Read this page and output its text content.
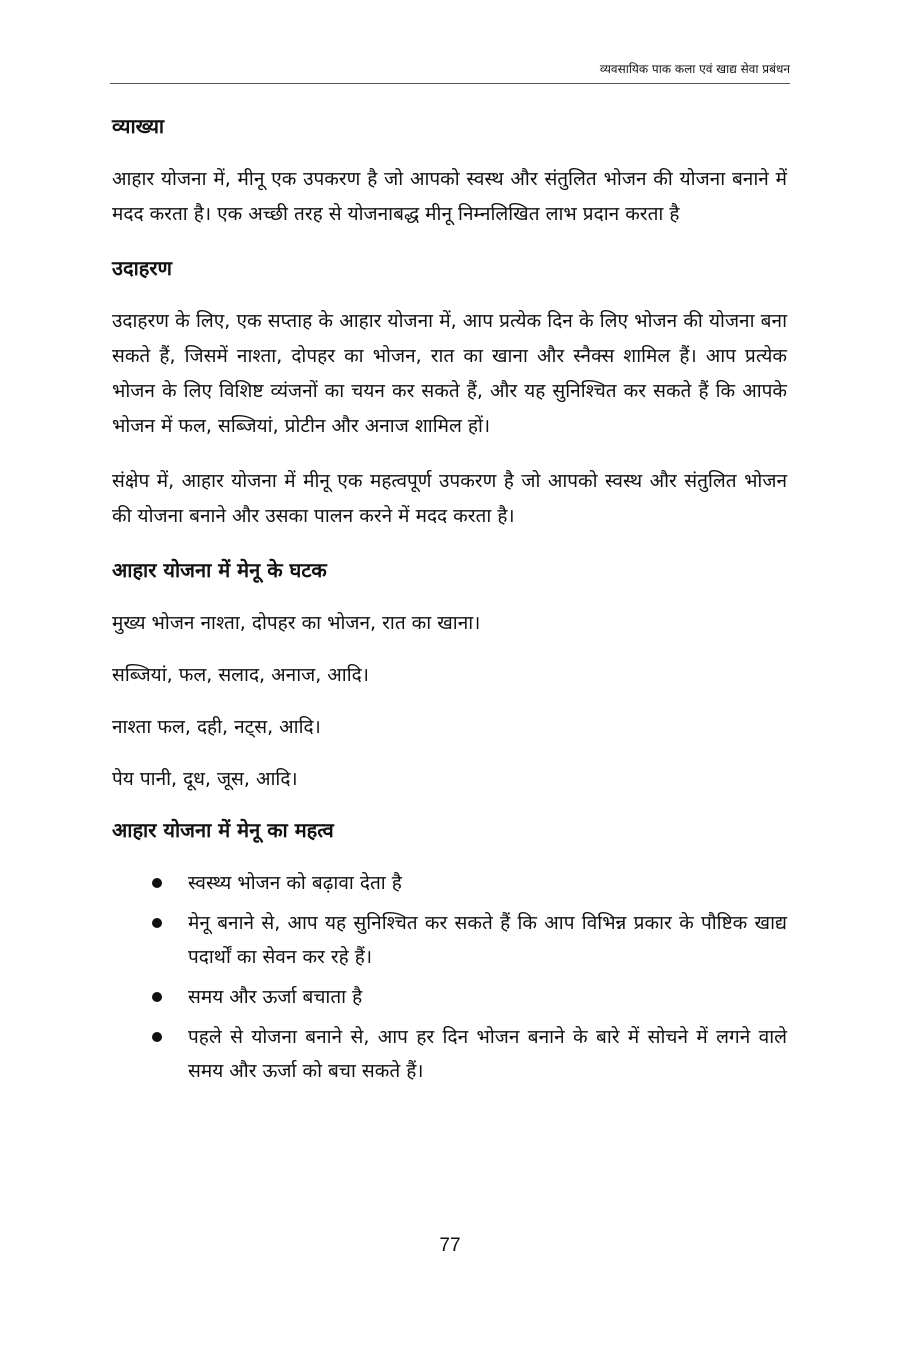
व्यवसायिक पाक कला एवं खाद्य सेवा प्रबंधन
व्याख्या

आहार योजना में, मीनू एक उपकरण है जो आपको स्वस्थ और संतुलित भोजन की योजना बनाने में मदद करता है। एक अच्छी तरह से योजनाबद्ध मीनू निम्नलिखित लाभ प्रदान करता है

उदाहरण

उदाहरण के लिए, एक सप्ताह के आहार योजना में, आप प्रत्येक दिन के लिए भोजन की योजना बना सकते हैं, जिसमें नाश्ता, दोपहर का भोजन, रात का खाना और स्नैक्स शामिल हैं। आप प्रत्येक भोजन के लिए विशिष्ट व्यंजनों का चयन कर सकते हैं, और यह सुनिश्चित कर सकते हैं कि आपके भोजन में फल, सब्जियां, प्रोटीन और अनाज शामिल हों।

संक्षेप में, आहार योजना में मीनू एक महत्वपूर्ण उपकरण है जो आपको स्वस्थ और संतुलित भोजन की योजना बनाने और उसका पालन करने में मदद करता है।

आहार योजना में मेनू के घटक

मुख्य भोजन नाश्ता, दोपहर का भोजन, रात का खाना।

सब्जियां, फल, सलाद, अनाज, आदि।

नाश्ता फल, दही, नट्स, आदि।

पेय पानी, दूध, जूस, आदि।

आहार योजना में मेनू का महत्व
स्वस्थ्य भोजन को बढ़ावा देता है
मेनू बनाने से, आप यह सुनिश्चित कर सकते हैं कि आप विभिन्न प्रकार के पौष्टिक खाद्य पदार्थों का सेवन कर रहे हैं।
समय और ऊर्जा बचाता है
पहले से योजना बनाने से, आप हर दिन भोजन बनाने के बारे में सोचने में लगने वाले समय और ऊर्जा को बचा सकते हैं।
77
